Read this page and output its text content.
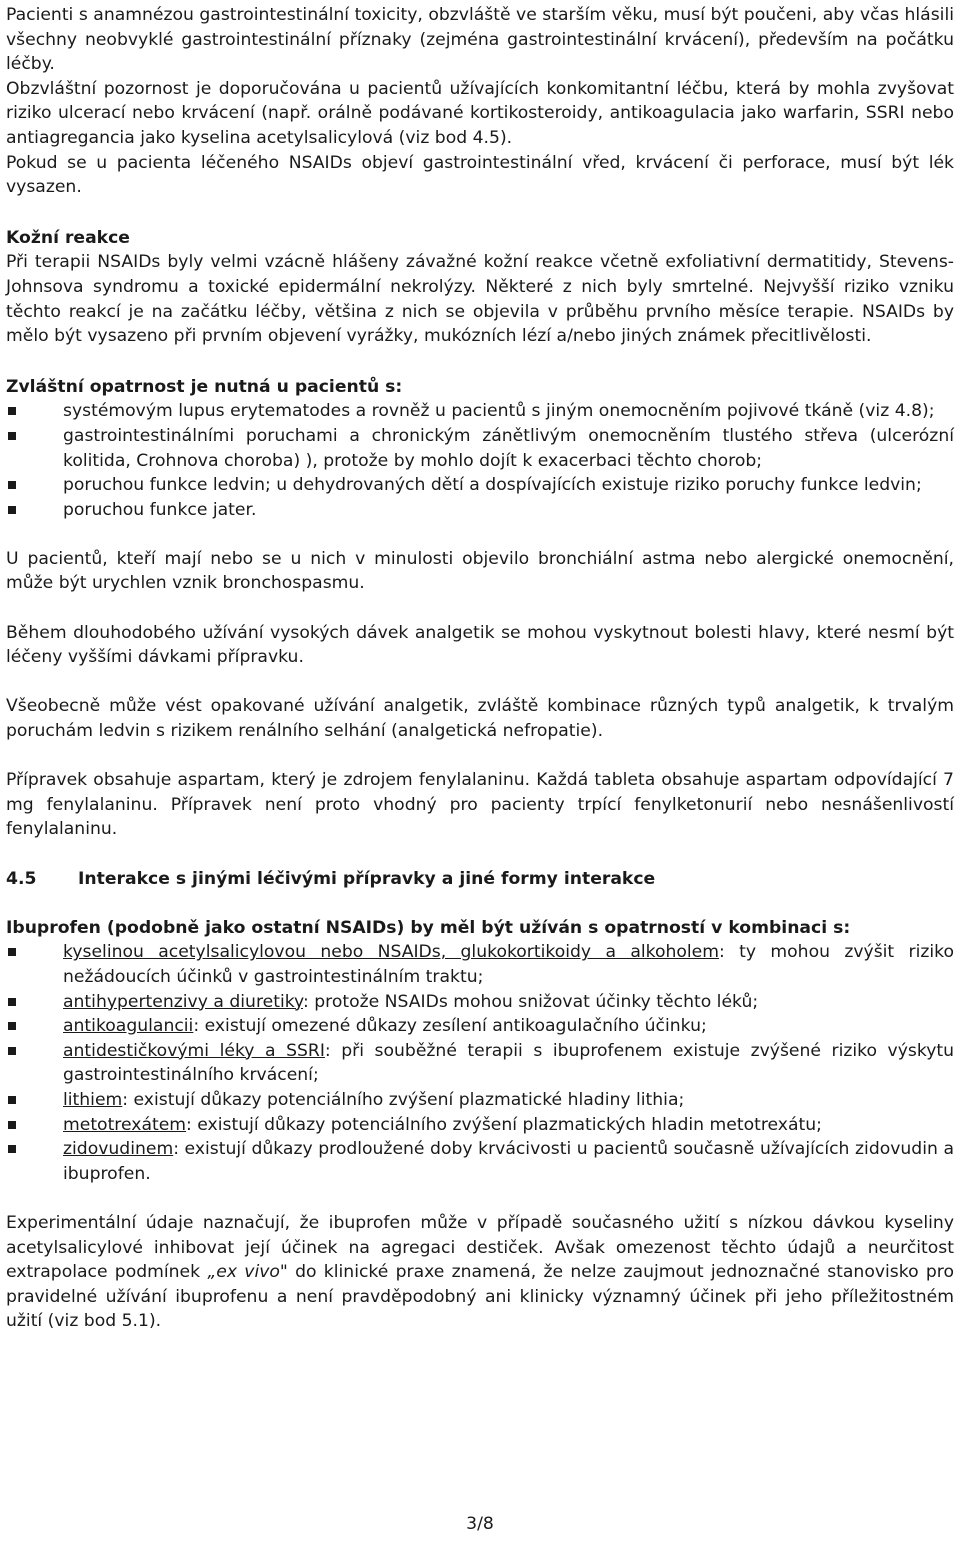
Pacienti s anamnézou gastrointestinální toxicity, obzvláště ve starším věku, musí být poučeni, aby včas hlásili všechny neobvyklé gastrointestinální příznaky (zejména gastrointestinální krvácení), především na počátku léčby.

Obzvláštní pozornost je doporučována u pacientů užívajících konkomitantní léčbu, která by mohla zvyšovat riziko ulcerací nebo krvácení (např. orálně podávané kortikosteroidy, antikoagulacia jako warfarin, SSRI nebo antiagregancia jako kyselina acetylsalicylová (viz bod 4.5).

Pokud se u pacienta léčeného NSAIDs objeví gastrointestinální vřed, krvácení či perforace, musí být lék vysazen.

Kožní reakce

Při terapii NSAIDs byly velmi vzácně hlášeny závažné kožní reakce včetně exfoliativní dermatitidy, Stevens-Johnsova syndromu a toxické epidermální nekrolýzy. Některé z nich byly smrtelné. Nejvyšší riziko vzniku těchto reakcí je na začátku léčby, většina z nich se objevila v průběhu prvního měsíce terapie. NSAIDs by mělo být vysazeno při prvním objevení vyrážky, mukózních lézí a/nebo jiných známek přecitlivělosti.

Zvláštní opatrnost je nutná u pacientů s:

systémovým lupus erytematodes a rovněž u pacientů s jiným onemocněním pojivové tkáně (viz 4.8);
gastrointestinálními poruchami a chronickým zánětlivým onemocněním tlustého střeva (ulcerózní kolitida, Crohnova choroba) ), protože by mohlo dojít k exacerbaci těchto chorob;
poruchou funkce ledvin; u dehydrovaných dětí a dospívajících existuje riziko poruchy funkce ledvin;
poruchou funkce jater.

U pacientů, kteří mají nebo se u nich v minulosti objevilo bronchiální astma nebo alergické onemocnění, může být urychlen vznik bronchospasmu.

Během dlouhodobého užívání vysokých dávek analgetik se mohou vyskytnout bolesti hlavy, které nesmí být léčeny vyššími dávkami přípravku.

Všeobecně může vést opakované užívání analgetik, zvláště kombinace různých typů analgetik, k trvalým poruchám ledvin s rizikem renálního selhání (analgetická nefropatie).

Přípravek obsahuje aspartam, který je zdrojem fenylalaninu. Každá tableta obsahuje aspartam odpovídající 7 mg fenylalaninu. Přípravek není proto vhodný pro pacienty trpící fenylketonurií nebo nesnášenlivostí fenylalaninu.

4.5	Interakce s jinými léčivými přípravky a jiné formy interakce

Ibuprofen (podobně jako ostatní NSAIDs) by měl být užíván s opatrností v kombinaci s:

kyselinou acetylsalicylovou nebo NSAIDs, glukokortikoidy a alkoholem: ty mohou zvýšit riziko nežádoucích účinků v gastrointestinálním traktu;
antihypertenzivy a diuretiky: protože NSAIDs mohou snižovat účinky těchto léků;
antikoagulancii: existují omezené důkazy zesílení antikoagulačního účinku;
antidestičkovými léky a SSRI: při souběžné terapii s ibuprofenem existuje zvýšené riziko výskytu gastrointestinálního krvácení;
lithiem: existují důkazy potenciálního zvýšení plazmatické hladiny lithia;
metotrexátem: existují důkazy potenciálního zvýšení plazmatických hladin metotrexátu;
zidovudinem: existují důkazy prodloužené doby krvácivosti u pacientů současně užívajících zidovudin a ibuprofen.

Experimentální údaje naznačují, že ibuprofen může v případě současného užití s nízkou dávkou kyseliny acetylsalicylové inhibovat její účinek na agregaci destiček. Avšak omezenost těchto údajů a neurčitost extrapolace podmínek „ex vivo" do klinické praxe znamená, že nelze zaujmout jednoznačné stanovisko pro pravidelné užívání ibuprofenu a není pravděpodobný ani klinicky významný účinek při jeho příležitostném užití (viz bod 5.1).

3/8
